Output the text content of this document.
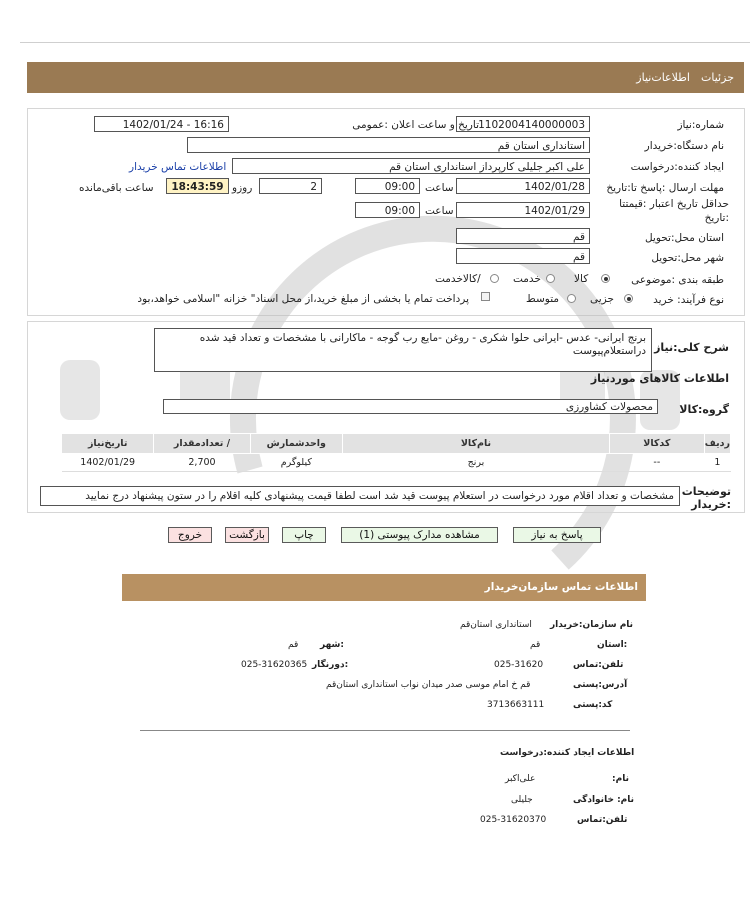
جزئیات
اطلاعات‌نیاز
شماره:نیاز
1102004140000003
تاریخ و ساعت اعلان :عمومی
1402/01/24 - 16:16
نام دستگاه:خریدار
استانداری استان قم
ایجاد کننده:درخواست
علی اکبر جلیلی کارپرداز استانداری استان قم
اطلاعات تماس خریدار
مهلت ارسال :پاسخ تا:تاریخ
1402/01/28
ساعت
09:00
2
روزو
18:43:59
ساعت باقی‌مانده
حداقل تاریخ اعتبار :قیمتتا :تاریخ
1402/01/29
ساعت
09:00
استان محل:تحویل
قم
شهر محل:تحویل
قم
طبقه بندی :موضوعی
کالا
خدمت
/کالاخدمت
نوع فرآیند: خرید
جزیی
متوسط
پرداخت تمام یا بخشی از مبلغ خرید،از محل اسناد" خزانه "اسلامی خواهد،بود
شرح کلی:نیاز
برنج ایرانی- عدس -ایرانی حلوا شکری - روغن -مایع رب گوجه - ماکارانی با مشخصات و تعداد قید شده دراستعلام‌پیوست
اطلاعات کالاهای موردنیاز
گروه:کالا
محصولات کشاورزی
ردیف	کدکالا	نام‌کالا	واحدشمارش	/ تعدادمقدار	تاریخ‌نیاز
1	--	برنج	کیلوگرم	2,700	1402/01/29
توضیحات :خریدار
مشخصات و تعداد اقلام مورد درخواست در استعلام پیوست قید شد است لطفا قیمت پیشنهادی کلیه اقلام را در ستون پیشنهاد درج نمایید
پاسخ به نیاز
مشاهده مدارک پیوستی (1)
چاپ
بازگشت
خروج
اطلاعات تماس سازمان‌خریدار
نام سازمان:خریدار
استانداری استان‌قم
:استان
قم
:شهر
قم
تلفن:تماس
025-31620
:دورنگار
025-31620365
آدرس:پستی
قم خ امام موسی صدر میدان نواب استانداری استان‌قم
کد:پستی
3713663111
اطلاعات ایجاد کننده:درخواست
نام:
علی‌اکبر
نام: خانوادگی
جلیلی
تلفن:تماس
025-31620370
